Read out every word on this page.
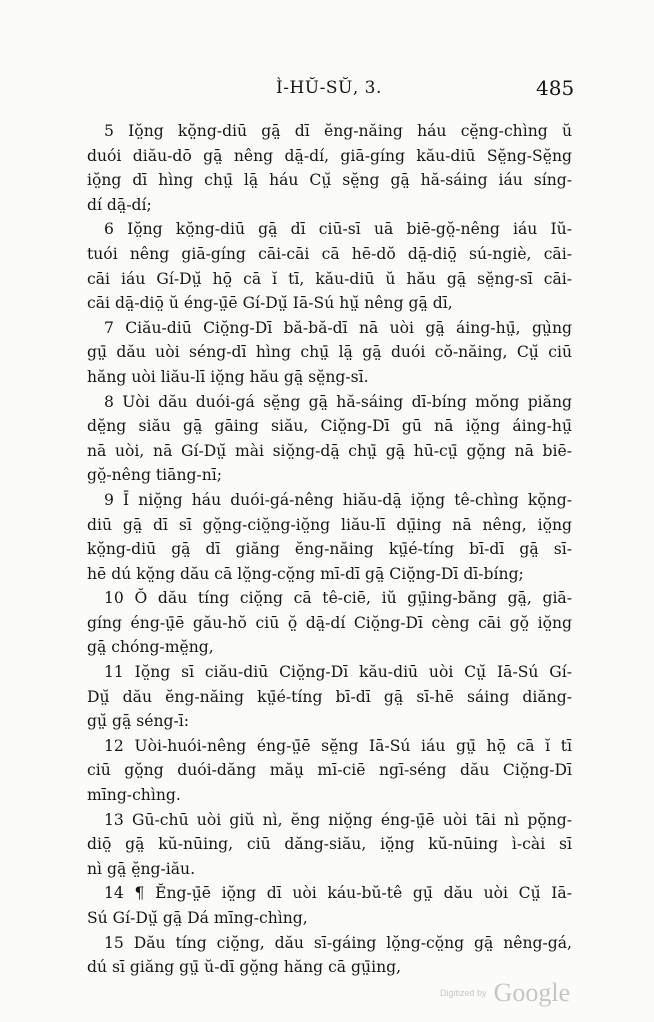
Ì-HŬ-SŬ, 3.	485
5 Iŏ̤ng kŏ̤ng-diū gā̤ dī ĕng-năing háu cĕ̤ng-chìng ŭ
duói diău-dō gā̤ nêng dā̤-dí, giā-gíng kău-diū Sĕ̤ng-Sĕ̤ng
iŏ̤ng dī hìng chṳ̄ lā̤ háu Cṳ̆ sĕ̤ng gā̤ hă-sáing iáu síng-
dí dā̤-dí;
6 Iŏ̤ng kŏ̤ng-diū gā̤ dī ciū-sī uā biē-gŏ̤-nêng iáu Iŭ-
tuói nêng giā-gíng cāi-cāi cā hē-dŏ dā̤-diō̤ sú-ngiè, cāi-
cāi iáu Gí-Dṳ̆ hō̤ cā ĭ tī, kău-diū ŭ hău gā̤ sĕ̤ng-sī cāi-
cāi dā̤-diō̤ ŭ éng-ṳ̄ē Gí-Dṳ̆ Iā-Sú hṳ̆ nêng gā̤ dī,
7 Ciău-diū Ciŏ̤ng-Dī bă-bă-dī nā uòi gā̤ áing-hṳ̄, gṳ̀ng
gṳ̄ dău uòi séng-dī hìng chṳ̄ lā̤ gā̤ duói cŏ-năing, Cṳ̆ ciū
hăng uòi liău-lī iŏ̤ng hău gā̤ sĕ̤ng-sī.
8 Uòi dău duói-gá sĕ̤ng gā̤ hă-sáing dī-bíng mŏng piăng
dĕ̤ng siău gā̤ gāing siău, Ciŏ̤ng-Dī gū nā iŏ̤ng áing-hṳ̄
nā uòi, nā Gí-Dṳ̆ mài siŏ̤ng-dā̤ chṳ̄ gā̤ hū-cṳ̄ gŏ̤ng nā biē-
gŏ̤-nêng tiāng-nī;
9 Ī niŏ̤ng háu duói-gá-nêng hiău-dā̤ iŏ̤ng tê-chìng kŏ̤ng-
diū gā̤ dī sī gŏ̤ng-ciŏ̤ng-iŏ̤ng liău-lī dṳ̄ing nā nêng, iŏ̤ng
kŏ̤ng-diū gā̤ dī giăng ĕng-năing kṳ̄é-tíng bī-dī gā̤ sī-
hē dú kŏ̤ng dău cā lŏ̤ng-cŏ̤ng mī-dī gā̤ Ciŏ̤ng-Dī dī-bíng;
10 Ŏ dău tíng ciŏ̤ng cā tê-ciē, iŭ gṳ̄ing-băng gā̤, giā-
gíng éng-ṳ̄ē gău-hŏ ciū ŏ̤ dā̤-dí Ciŏ̤ng-Dī cèng cāi gŏ̤ iŏ̤ng
gā̤ chóng-mĕ̤ng,
11 Iŏ̤ng sī ciău-diū Ciŏ̤ng-Dī kău-diū uòi Cṳ̆ Iā-Sú Gí-
Dṳ̆ dău ĕng-năing kṳ̄é-tíng bī-dī gā̤ sī-hē sáing diăng-
gṳ̆ gā̤ séng-ī:
12 Uòi-huói-nêng éng-ṳ̄ē sĕ̤ng Iā-Sú iáu gṳ̄ hō̤ cā ĭ tī
ciū gŏ̤ng duói-dăng măṳ mī-ciē ngī-séng dău Ciŏ̤ng-Dī
mīng-chìng.
13 Gū-chū uòi giŭ nì, ĕng niŏ̤ng éng-ṳ̄ē uòi tāi nì pŏ̤ng-
diō̤ gā̤ kŭ-nūing, ciū dăng-siău, iŏ̤ng kŭ-nūing ì-cài sī
nì gā̤ ĕ̤ng-iău.
14 ¶ Ĕng-ṳ̄ē iŏ̤ng dī uòi káu-bŭ-tê gṳ̄ dău uòi Cṳ̆ Iā-
Sú Gí-Dṳ̆ gā̤ Dá mīng-chìng,
15 Dău tíng ciŏ̤ng, dău sī-gáing lŏ̤ng-cŏ̤ng gā̤ nêng-gá,
dú sī giăng gṳ̄ ŭ-dī gŏ̤ng hăng cā gṳ̄ing,
Digitized by Google
